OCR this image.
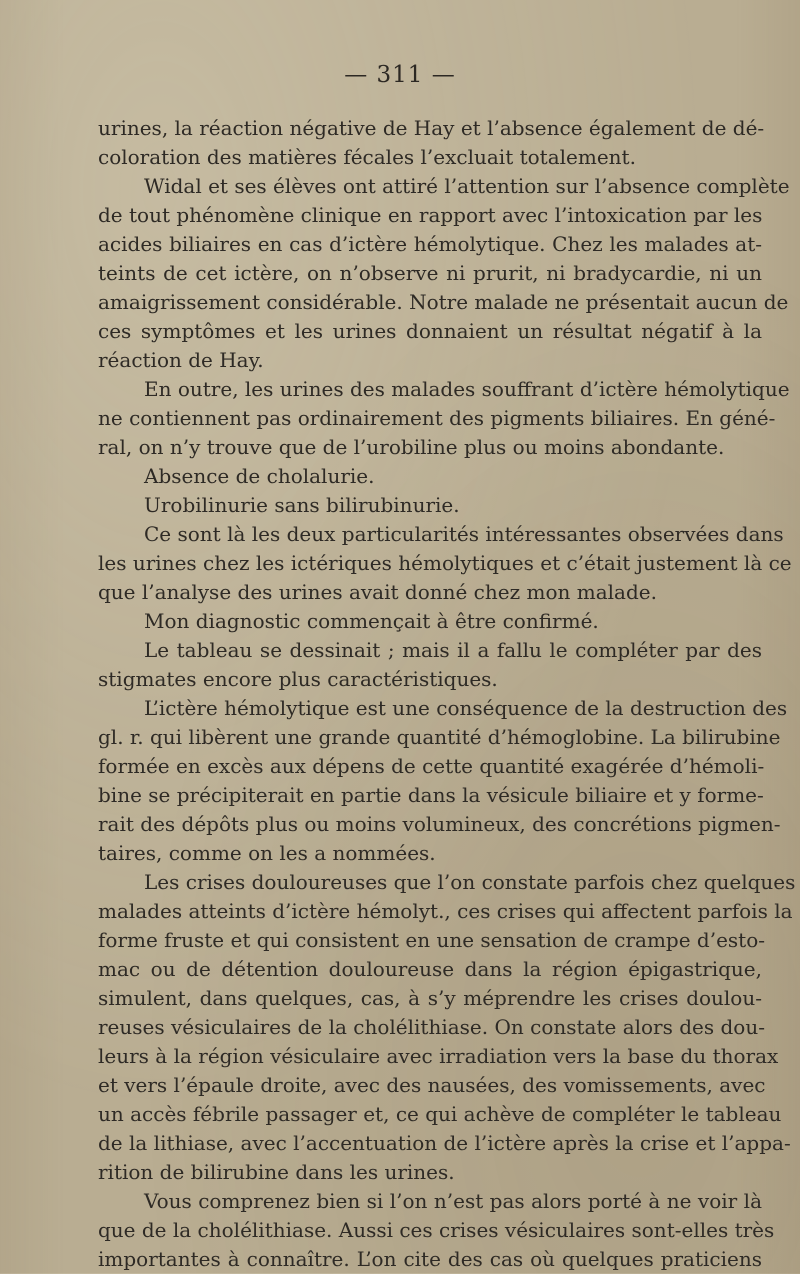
— 311 —
urines, la réaction négative de Hay et l’absence également de dé-
coloration des matières fécales l’excluait totalement.
Widal et ses élèves ont attiré l’attention sur l’absence complète
de tout phénomène clinique en rapport avec l’intoxication par les
acides biliaires en cas d’ictère hémolytique. Chez les malades at-
teints de cet ictère, on n’observe ni prurit, ni bradycardie, ni un
amaigrissement considérable. Notre malade ne présentait aucun de
ces symptômes et les urines donnaient un résultat négatif à la
réaction de Hay.
En outre, les urines des malades souffrant d’ictère hémolytique
ne contiennent pas ordinairement des pigments biliaires. En géné-
ral, on n’y trouve que de l’urobiline plus ou moins abondante.
Absence de cholalurie.
Urobilinurie sans bilirubinurie.
Ce sont là les deux particularités intéressantes observées dans
les urines chez les ictériques hémolytiques et c’était justement là ce
que l’analyse des urines avait donné chez mon malade.
Mon diagnostic commençait à être confirmé.
Le tableau se dessinait ; mais il a fallu le compléter par des
stigmates encore plus caractéristiques.
L’ictère hémolytique est une conséquence de la destruction des
gl. r. qui libèrent une grande quantité d’hémoglobine. La bilirubine
formée en excès aux dépens de cette quantité exagérée d’hémoli-
bine se précipiterait en partie dans la vésicule biliaire et y forme-
rait des dépôts plus ou moins volumineux, des concrétions pigmen-
taires, comme on les a nommées.
Les crises douloureuses que l’on constate parfois chez quelques
malades atteints d’ictère hémolyt., ces crises qui affectent parfois la
forme fruste et qui consistent en une sensation de crampe d’esto-
mac ou de détention douloureuse dans la région épigastrique,
simulent, dans quelques, cas, à s’y méprendre les crises doulou-
reuses vésiculaires de la cholélithiase. On constate alors des dou-
leurs à la région vésiculaire avec irradiation vers la base du thorax
et vers l’épaule droite, avec des nausées, des vomissements, avec
un accès fébrile passager et, ce qui achève de compléter le tableau
de la lithiase, avec l’accentuation de l’ictère après la crise et l’appa-
rition de bilirubine dans les urines.
Vous comprenez bien si l’on n’est pas alors porté à ne voir là
que de la cholélithiase. Aussi ces crises vésiculaires sont-elles très
importantes à connaître. L’on cite des cas où quelques praticiens
